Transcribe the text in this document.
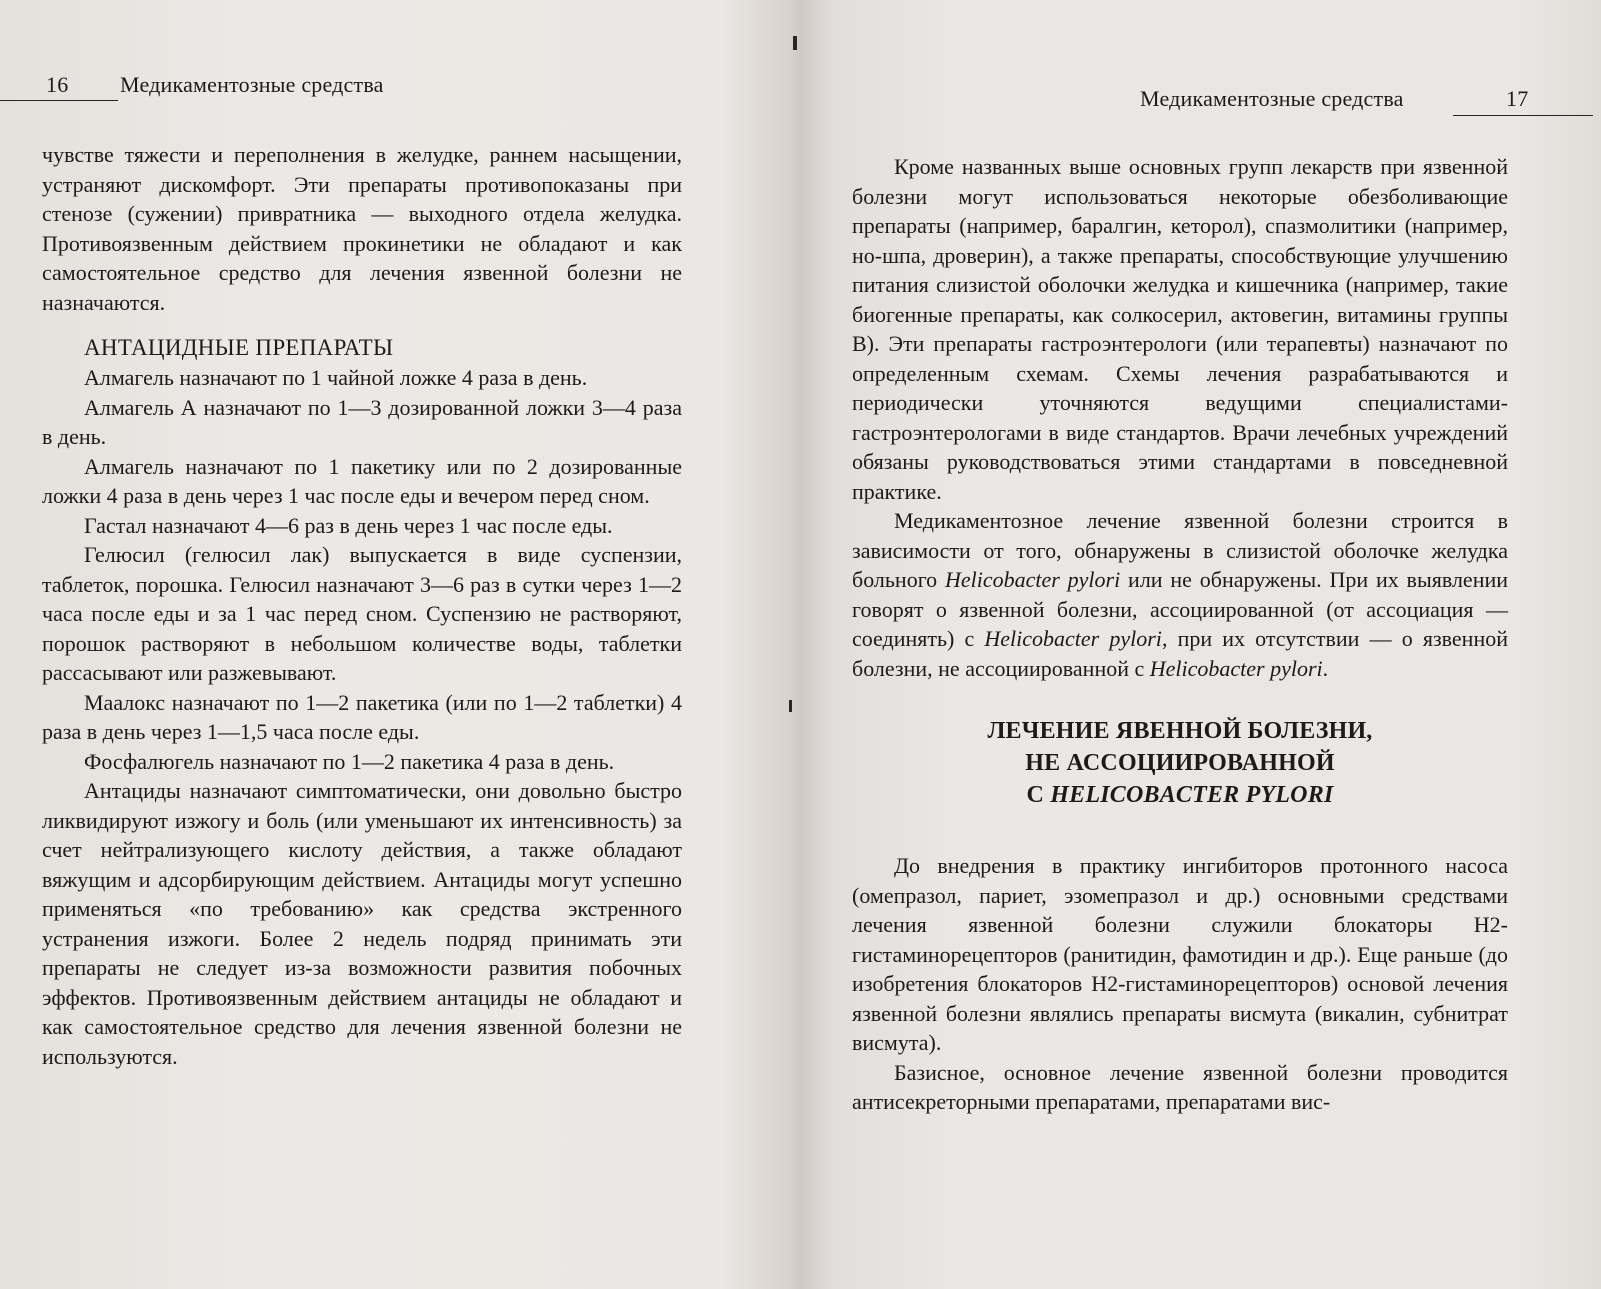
16 Медикаментозные средства

чувстве тяжести и переполнения в желудке, раннем насыщении, устраняют дискомфорт. Эти препараты противопоказаны при стенозе (сужении) привратника — выходного отдела желудка. Противоязвенным действием прокинетики не обладают и как самостоятельное средство для лечения язвенной болезни не назначаются.

АНТАЦИДНЫЕ ПРЕПАРАТЫ

Алмагель назначают по 1 чайной ложке 4 раза в день.

Алмагель А назначают по 1—3 дозированной ложки 3—4 раза в день.

Алмагель назначают по 1 пакетику или по 2 дозированные ложки 4 раза в день через 1 час после еды и вечером перед сном.

Гастал назначают 4—6 раз в день через 1 час после еды.

Гелюсил (гелюсил лак) выпускается в виде суспензии, таблеток, порошка. Гелюсил назначают 3—6 раз в сутки через 1—2 часа после еды и за 1 час перед сном. Суспензию не растворяют, порошок растворяют в небольшом количестве воды, таблетки рассасывают или разжевывают.

Маалокс назначают по 1—2 пакетика (или по 1—2 таблетки) 4 раза в день через 1—1,5 часа после еды.

Фосфалюгель назначают по 1—2 пакетика 4 раза в день.

Антациды назначают симптоматически, они довольно быстро ликвидируют изжогу и боль (или уменьшают их интенсивность) за счет нейтрализующего кислоту действия, а также обладают вяжущим и адсорбирующим действием. Антациды могут успешно применяться «по требованию» как средства экстренного устранения изжоги. Более 2 недель подряд принимать эти препараты не следует из-за возможности развития побочных эффектов. Противоязвенным действием антациды не обладают и как самостоятельное средство для лечения язвенной болезни не используются.

Медикаментозные средства	17

Кроме названных выше основных групп лекарств при язвенной болезни могут использоваться некоторые обезболивающие препараты (например, баралгин, кеторол), спазмолитики (например, но-шпа, дроверин), а также препараты, способствующие улучшению питания слизистой оболочки желудка и кишечника (например, такие биогенные препараты, как солкосерил, актовегин, витамины группы В). Эти препараты гастроэнтерологи (или терапевты) назначают по определенным схемам. Схемы лечения разрабатываются и периодически уточняются ведущими специалистами-гастроэнтерологами в виде стандартов. Врачи лечебных учреждений обязаны руководствоваться этими стандартами в повседневной практике.

Медикаментозное лечение язвенной болезни строится в зависимости от того, обнаружены в слизистой оболочке желудка больного Helicobacter pylori или не обнаружены. При их выявлении говорят о язвенной болезни, ассоциированной (от ассоциация — соединять) с Helicobacter pylori, при их отсутствии — о язвенной болезни, не ассоциированной с Helicobacter pylori.

ЛЕЧЕНИЕ ЯВЕННОЙ БОЛЕЗНИ,
НЕ АССОЦИИРОВАННОЙ
С HELICOBACTER PYLORI

До внедрения в практику ингибиторов протонного насоса (омепразол, париет, эзомепразол и др.) основными средствами лечения язвенной болезни служили блокаторы Н2-гистаминорецепторов (ранитидин, фамотидин и др.). Еще раньше (до изобретения блокаторов Н2-гистаминорецепторов) основой лечения язвенной болезни являлись препараты висмута (викалин, субнитрат висмута).

Базисное, основное лечение язвенной болезни проводится антисекреторными препаратами, препаратами вис-
